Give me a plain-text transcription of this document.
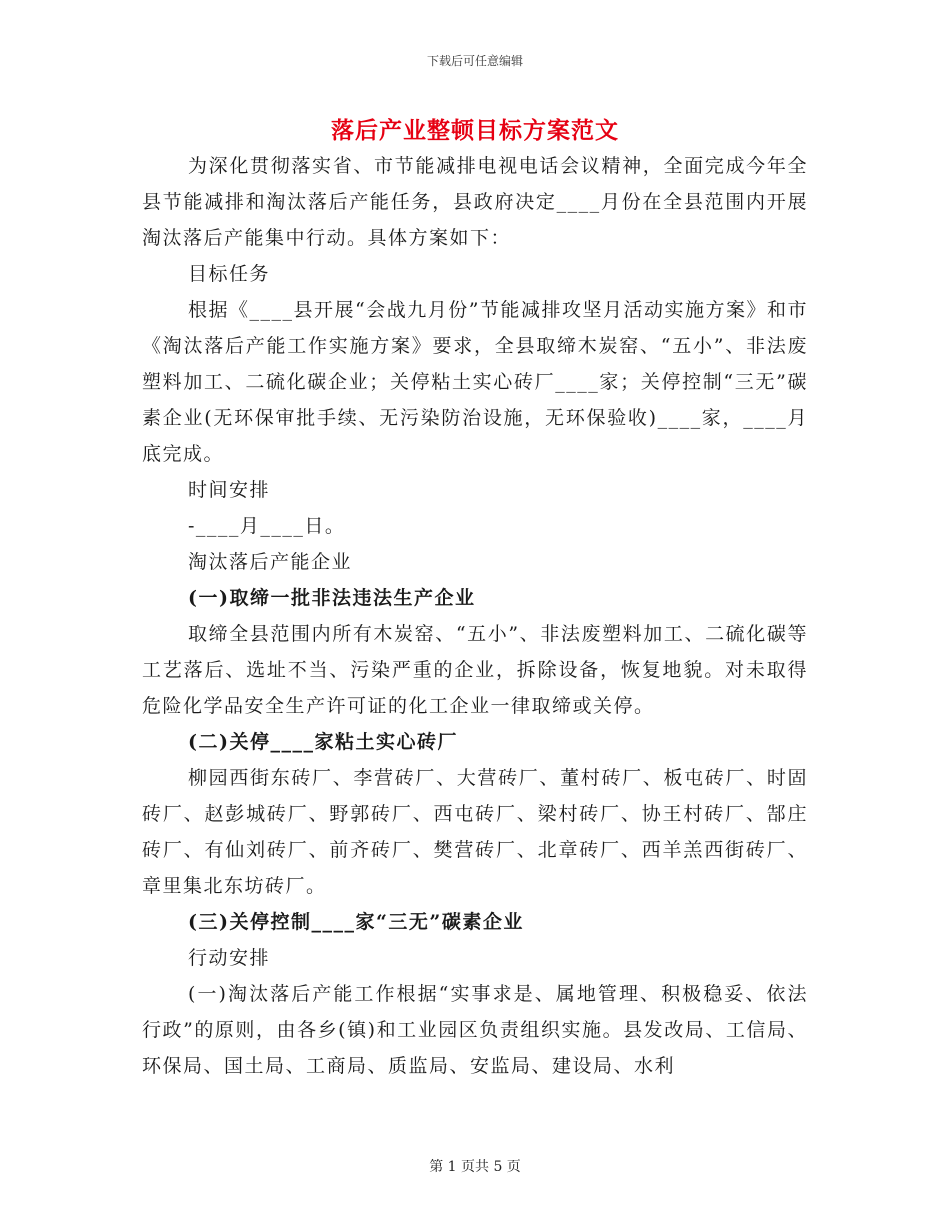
下载后可任意编辑
落后产业整顿目标方案范文

为深化贯彻落实省、市节能减排电视电话会议精神，全面完成今年全县节能减排和淘汰落后产能任务，县政府决定____月份在全县范围内开展淘汰落后产能集中行动。具体方案如下：

目标任务

根据《____县开展“会战九月份”节能减排攻坚月活动实施方案》和市《淘汰落后产能工作实施方案》要求，全县取缔木炭窑、“五小”、非法废塑料加工、二硫化碳企业；关停粘土实心砖厂____家；关停控制“三无”碳素企业(无环保审批手续、无污染防治设施，无环保验收)____家，____月底完成。

时间安排

-____月____日。

淘汰落后产能企业

(一)取缔一批非法违法生产企业

取缔全县范围内所有木炭窑、“五小”、非法废塑料加工、二硫化碳等工艺落后、选址不当、污染严重的企业，拆除设备，恢复地貌。对未取得危险化学品安全生产许可证的化工企业一律取缔或关停。

(二)关停____家粘土实心砖厂

柳园西街东砖厂、李营砖厂、大营砖厂、董村砖厂、板屯砖厂、时固砖厂、赵彭城砖厂、野郭砖厂、西屯砖厂、梁村砖厂、协王村砖厂、郜庄砖厂、有仙刘砖厂、前齐砖厂、樊营砖厂、北章砖厂、西羊羔西街砖厂、章里集北东坊砖厂。

(三)关停控制____家“三无”碳素企业

行动安排

(一)淘汰落后产能工作根据“实事求是、属地管理、积极稳妥、依法行政”的原则，由各乡(镇)和工业园区负责组织实施。县发改局、工信局、环保局、国土局、工商局、质监局、安监局、建设局、水利

第 1 页共 5 页
